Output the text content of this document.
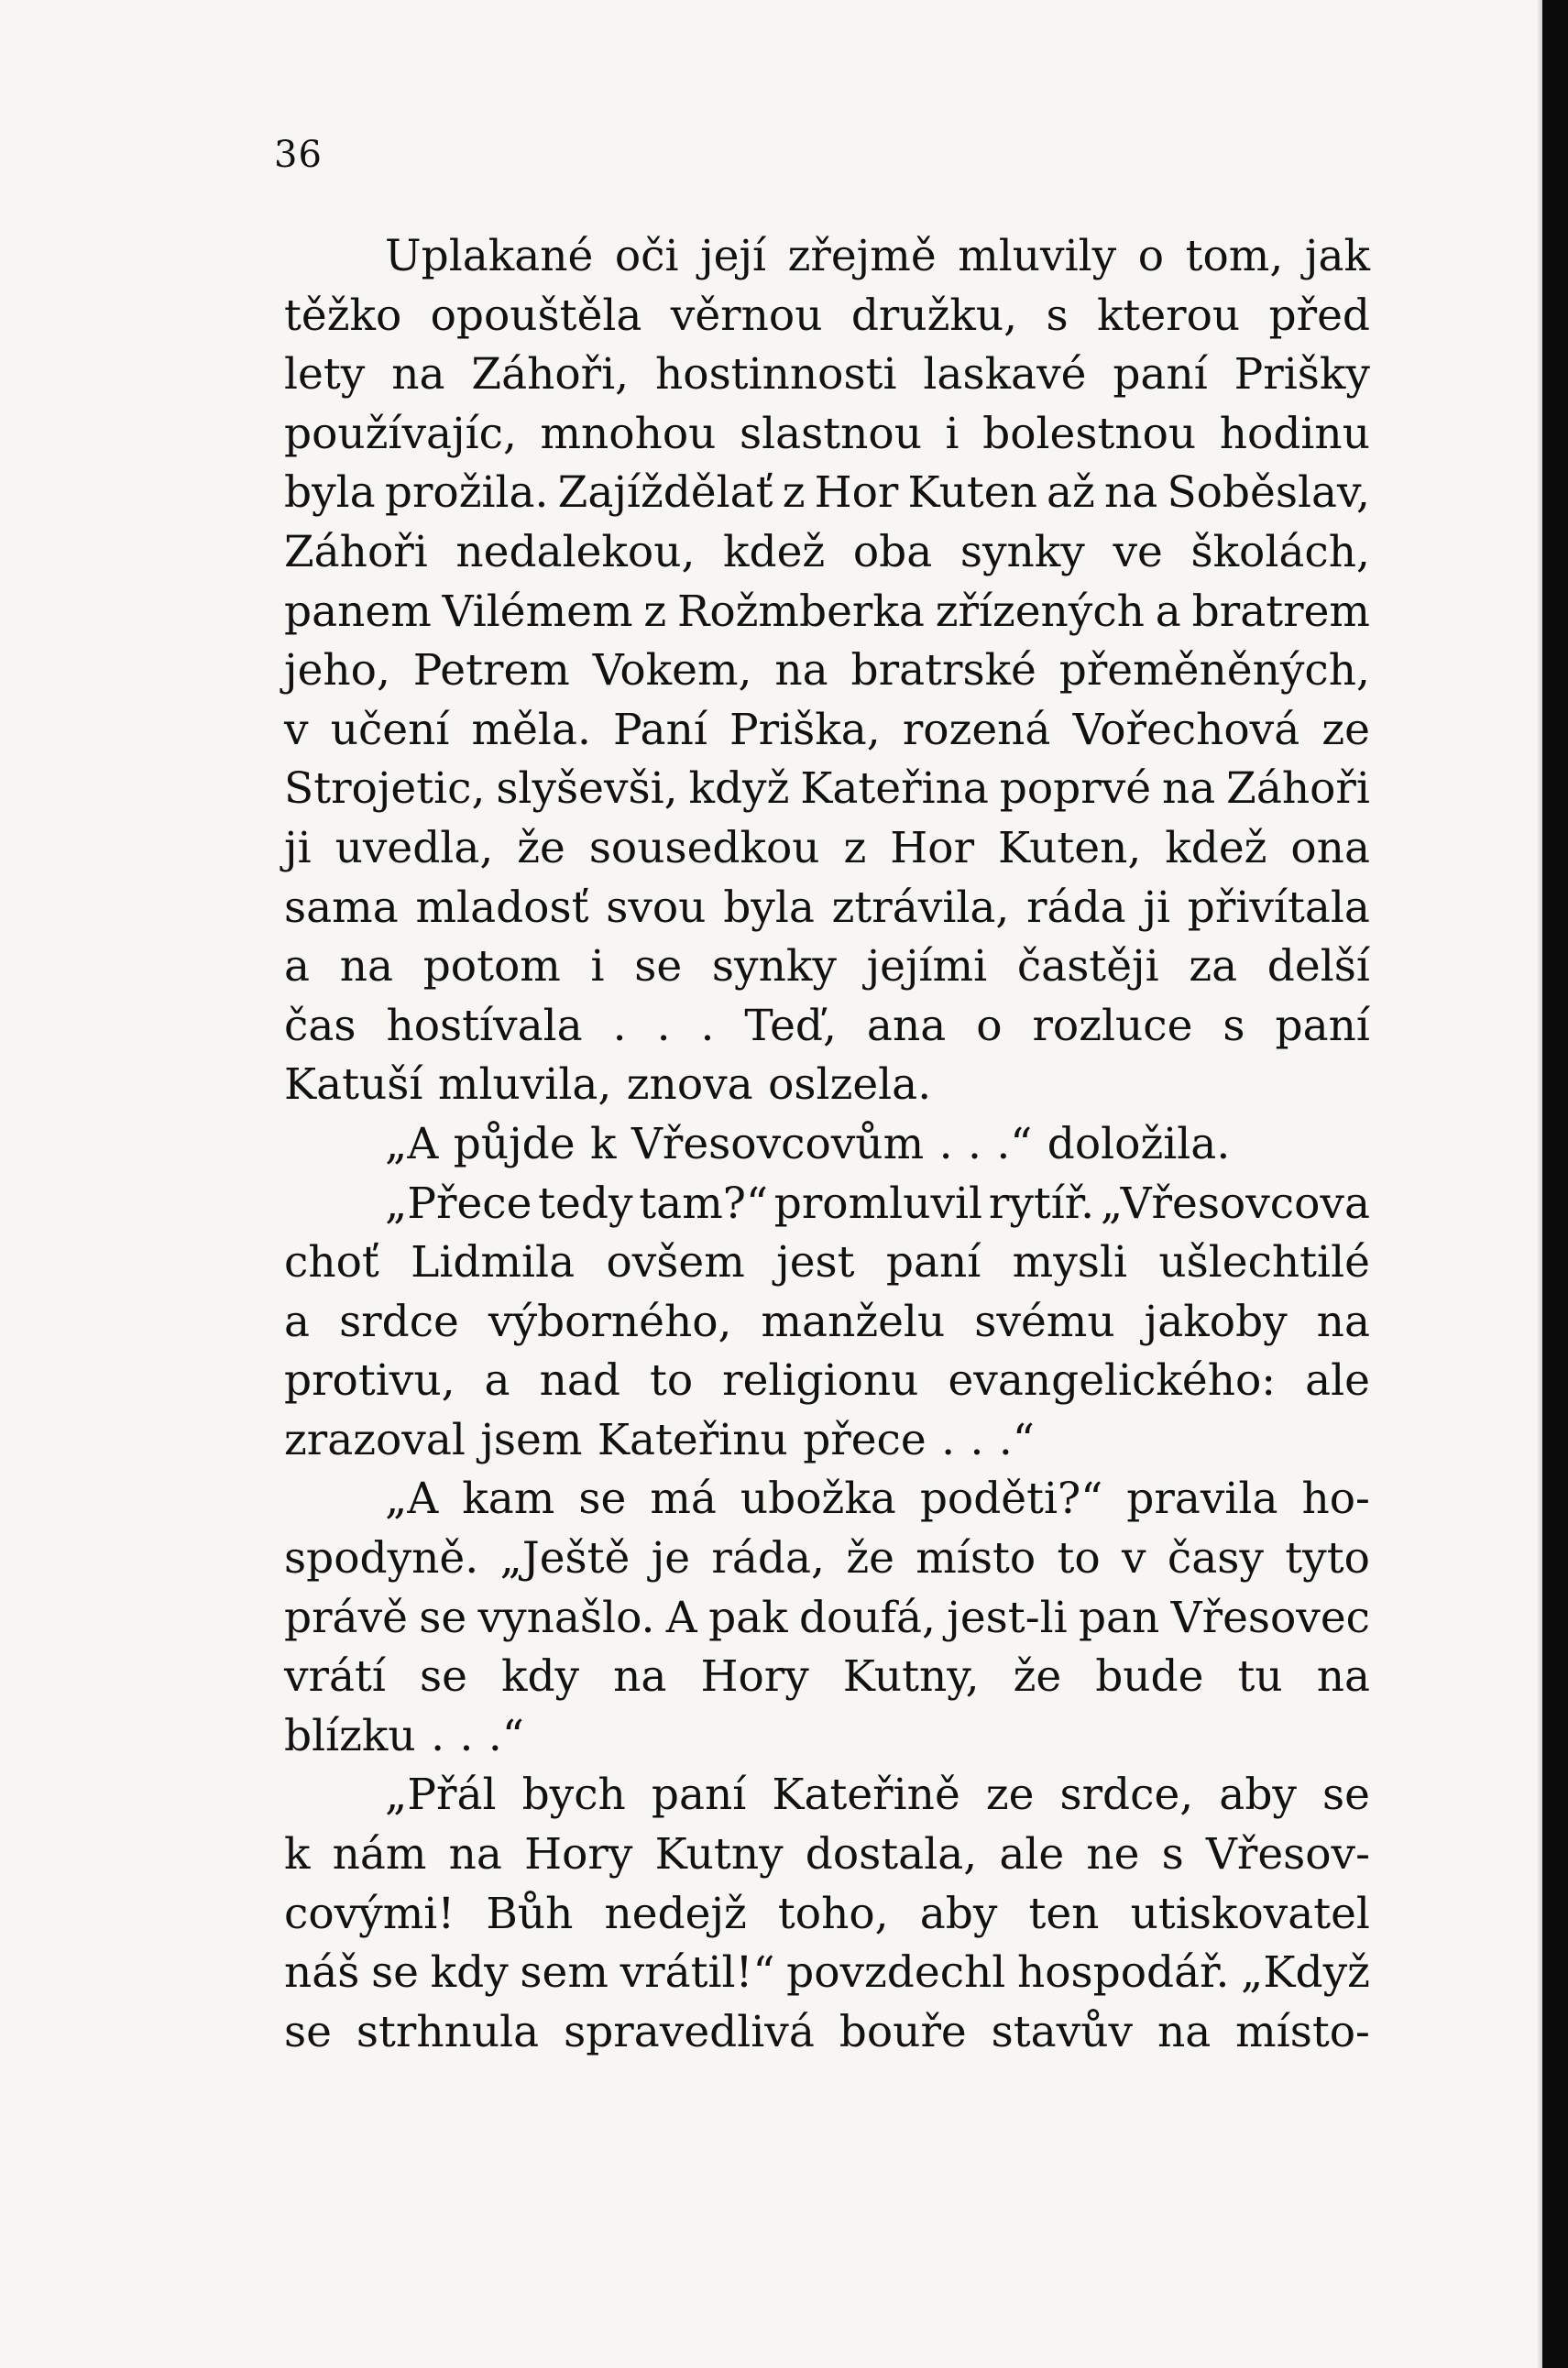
36
Uplakané oči její zřejmě mluvily o tom, jak
těžko opouštěla věrnou družku, s kterou před
lety na Záhoři, hostinnosti laskavé paní Prišky
používajíc, mnohou slastnou i bolestnou hodinu
byla prožila. Zajíždělať z Hor Kuten až na Soběslav,
Záhoři nedalekou, kdež oba synky ve školách,
panem Vilémem z Rožmberka zřízených a bratrem
jeho, Petrem Vokem, na bratrské přeměněných,
v učení měla. Paní Priška, rozená Vořechová ze
Strojetic, slyševši, když Kateřina poprvé na Záhoři
ji uvedla, že sousedkou z Hor Kuten, kdež ona
sama mladosť svou byla ztrávila, ráda ji přivítala
a na potom i se synky jejími častěji za delší
čas hostívala . . . Teď, ana o rozluce s paní
Katuší mluvila, znova oslzela.
„A půjde k Vřesovcovům . . .“ doložila.
„Přece tedy tam?“ promluvil rytíř. „Vřesovcova
choť Lidmila ovšem jest paní mysli ušlechtilé
a srdce výborného, manželu svému jakoby na
protivu, a nad to religionu evangelického: ale
zrazoval jsem Kateřinu přece . . .“
„A kam se má ubožka poděti?“ pravila ho-
spodyně. „Ještě je ráda, že místo to v časy tyto
právě se vynašlo. A pak doufá, jest-li pan Vřesovec
vrátí se kdy na Hory Kutny, že bude tu na
blízku . . .“
„Přál bych paní Kateřině ze srdce, aby se
k nám na Hory Kutny dostala, ale ne s Vřesov-
covými! Bůh nedejž toho, aby ten utiskovatel
náš se kdy sem vrátil!“ povzdechl hospodář. „Když
se strhnula spravedlivá bouře stavův na místo-
